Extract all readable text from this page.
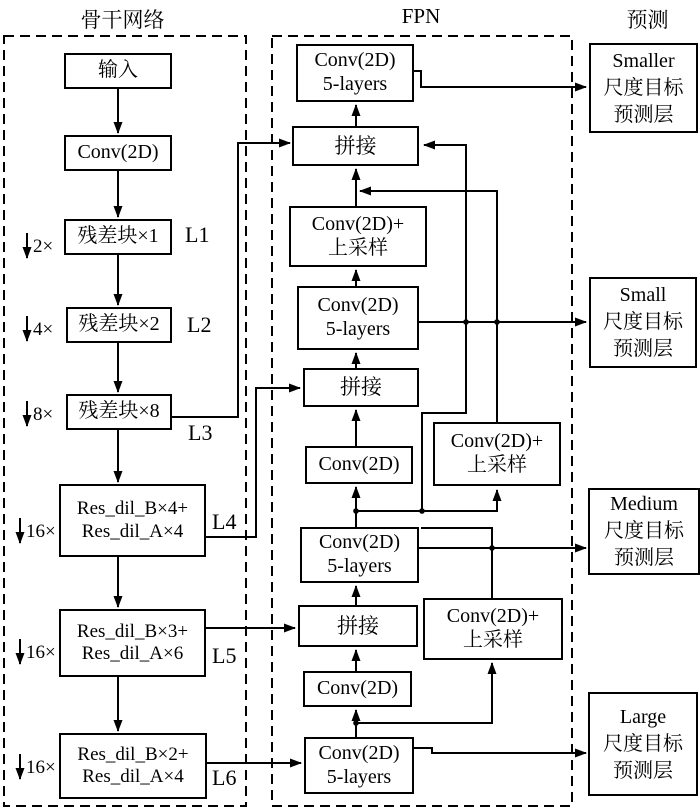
骨干网络	FPN	预测
输入
Conv(2D)
残差块×1
残差块×2
残差块×8
Res_dil_B×4+
Res_dil_A×4
Res_dil_B×3+
Res_dil_A×6
Res_dil_B×2+
Res_dil_A×4
L1
L2
L3
L4
L5
L6
2×
4×
8×
16×
16×
16×
Conv(2D)
5-layers
拼接
Conv(2D)+
上采样
Conv(2D)
5-layers
拼接
Conv(2D)
Conv(2D)
5-layers
拼接
Conv(2D)
Conv(2D)
5-layers
Conv(2D)+
上采样
Conv(2D)+
上采样
Smaller
尺度目标
预测层
Small
尺度目标
预测层
Medium
尺度目标
预测层
Large
尺度目标
预测层
